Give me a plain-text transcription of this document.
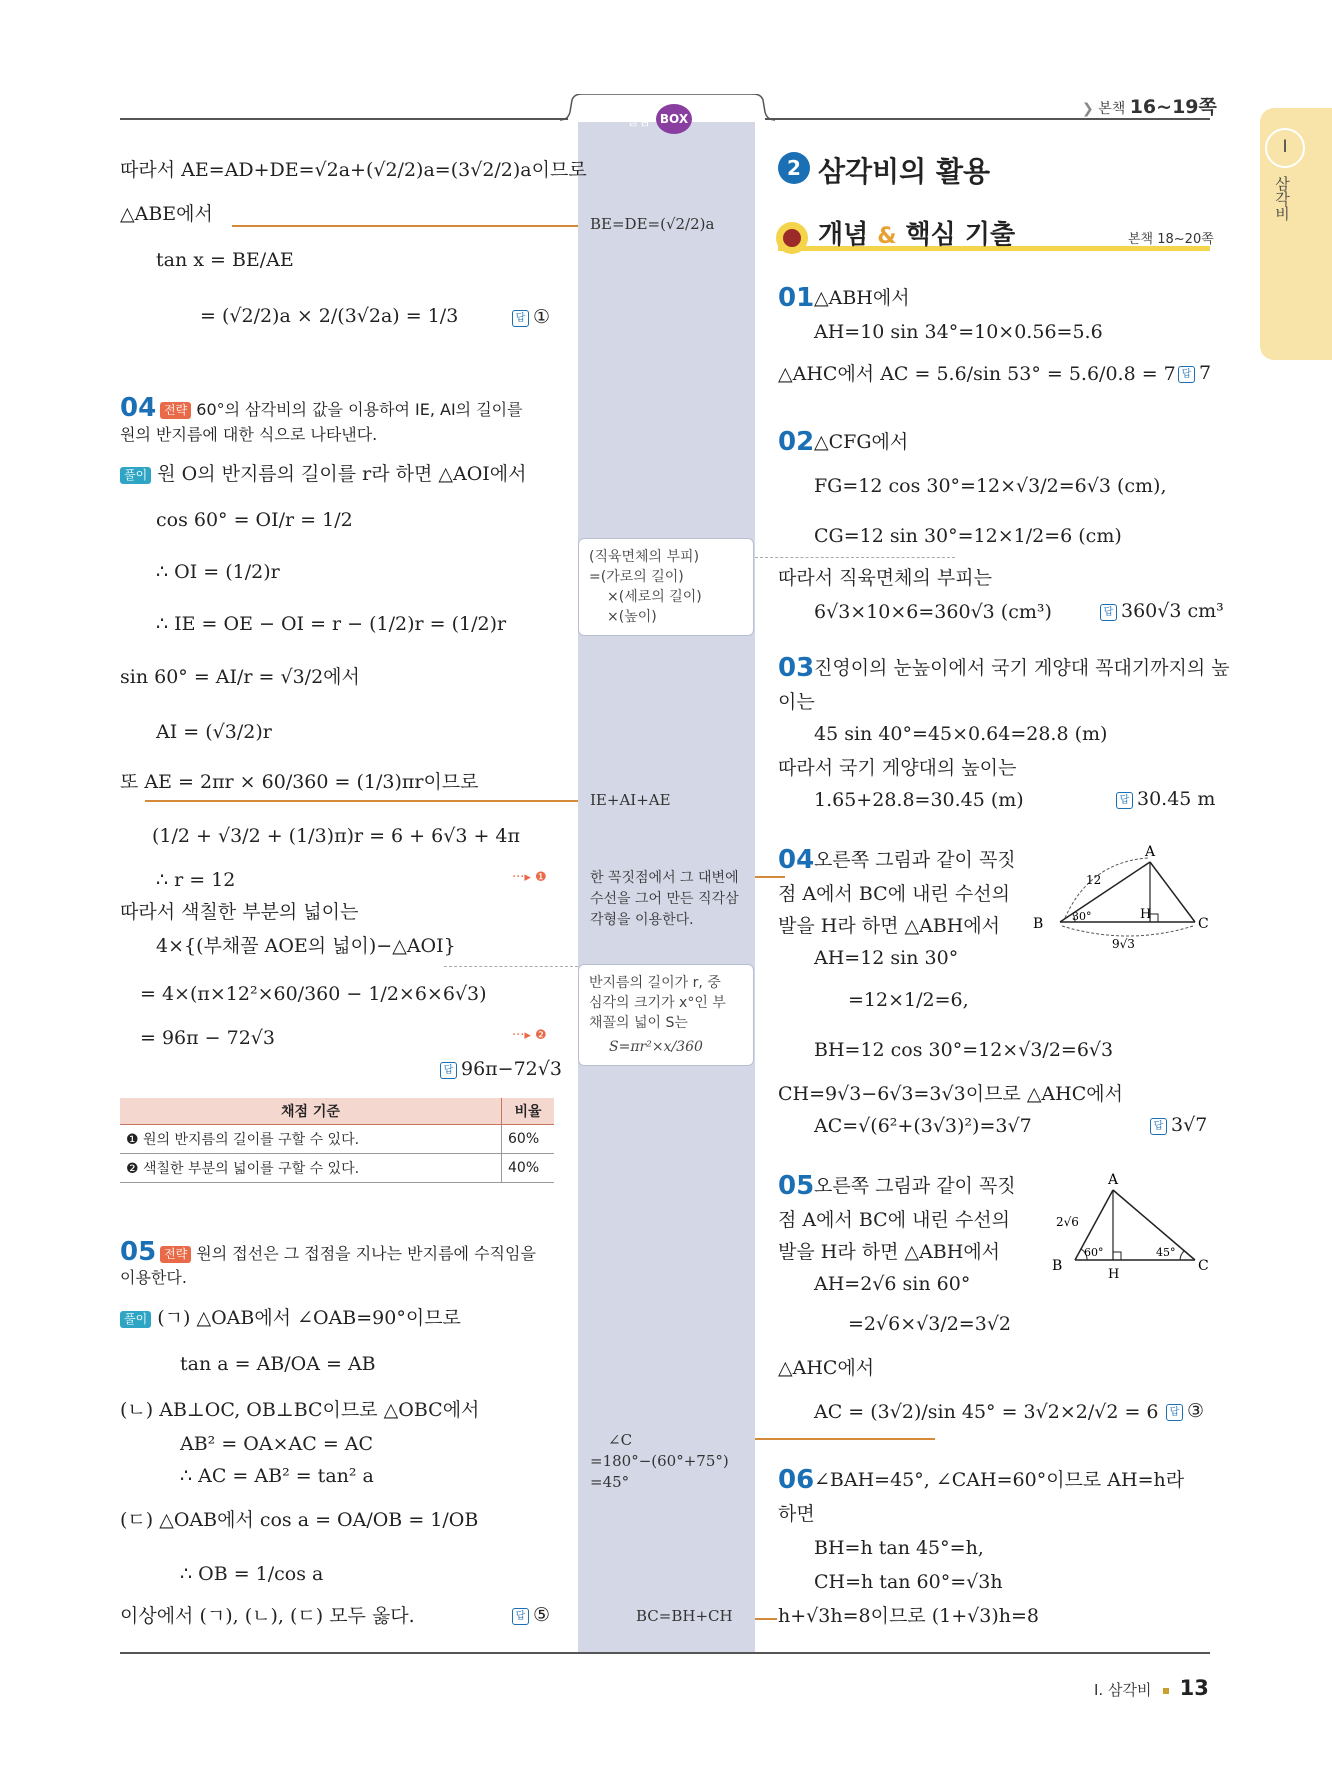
일품 BOX
❯ 본책 16~19쪽
I
삼각비
따라서 AE=AD+DE=√2a+(√2/2)a=(3√2/2)a이므로
△ABE에서
tan x = BE/AE
= (√2/2)a × 2/(3√2a) = 1/3	답 ①
04 전략 60°의 삼각비의 값을 이용하여 IE, AI의 길이를
원의 반지름에 대한 식으로 나타낸다.
풀이 원 O의 반지름의 길이를 r라 하면 △AOI에서
cos 60° = OI/r = 1/2
∴ OI = (1/2)r
∴ IE = OE − OI = r − (1/2)r = (1/2)r
sin 60° = AI/r = √3/2에서
AI = (√3/2)r
또 AE = 2πr × 60/360 = (1/3)πr이므로
(1/2 + √3/2 + (1/3)π)r = 6 + 6√3 + 4π
∴ r = 12	···▸ ❶
따라서 색칠한 부분의 넓이는
4×{(부채꼴 AOE의 넓이)−△AOI}
= 4×(π×12²×60/360 − 1/2×6×6√3)
= 96π − 72√3	···▸ ❷
답 96π−72√3
채점 기준	비율
❶ 원의 반지름의 길이를 구할 수 있다.	60%
❷ 색칠한 부분의 넓이를 구할 수 있다.	40%
05 전략 원의 접선은 그 접점을 지나는 반지름에 수직임을
이용한다.
풀이 (ㄱ) △OAB에서 ∠OAB=90°이므로
tan a = AB/OA = AB
(ㄴ) AB⊥OC, OB⊥BC이므로 △OBC에서
AB² = OA×AC = AC
∴ AC = AB² = tan² a
(ㄷ) △OAB에서 cos a = OA/OB = 1/OB
∴ OB = 1/cos a
이상에서 (ㄱ), (ㄴ), (ㄷ) 모두 옳다.	답 ⑤
BE=DE=(√2/2)a
(직육면체의 부피)
=(가로의 길이)
×(세로의 길이)
×(높이)
IE+AI+AE
한 꼭짓점에서 그 대변에
수선을 그어 만든 직각삼
각형을 이용한다.
반지름의 길이가 r, 중
심각의 크기가 x°인 부
채꼴의 넓이 S는
S=πr²×x/360
∠C
=180°−(60°+75°)
=45°
BC=BH+CH
2 삼각비의 활용
개념 & 핵심 기출	본책 18~20쪽
01 △ABH에서
AH=10 sin 34°=10×0.56=5.6
△AHC에서 AC = 5.6/sin 53° = 5.6/0.8 = 7 답 7
02 △CFG에서
FG=12 cos 30°=12×√3/2=6√3 (cm),
CG=12 sin 30°=12×1/2=6 (cm)
따라서 직육면체의 부피는
6√3×10×6=360√3 (cm³)	답 360√3 cm³
03 진영이의 눈높이에서 국기 게양대 꼭대기까지의 높
이는
45 sin 40°=45×0.64=28.8 (m)
따라서 국기 게양대의 높이는
1.65+28.8=30.45 (m)	답 30.45 m
04 오른쪽 그림과 같이 꼭짓
점 A에서 BC에 내린 수선의
발을 H라 하면 △ABH에서
AH=12 sin 30°
=12×1/2=6,
BH=12 cos 30°=12×√3/2=6√3
CH=9√3−6√3=3√3이므로 △AHC에서
AC=√(6²+(3√3)²)=3√7	답 3√7
A
B	C
H
12
30°
9√3
05 오른쪽 그림과 같이 꼭짓
점 A에서 BC에 내린 수선의
발을 H라 하면 △ABH에서
AH=2√6 sin 60°
=2√6×√3/2=3√2
△AHC에서
AC = (3√2)/sin 45° = 3√2×2/√2 = 6	답 ③
A
B	C
H
2√6
60°	45°
06 ∠BAH=45°, ∠CAH=60°이므로 AH=h라
하면
BH=h tan 45°=h,
CH=h tan 60°=√3h
h+√3h=8이므로 (1+√3)h=8
I. 삼각비 13
